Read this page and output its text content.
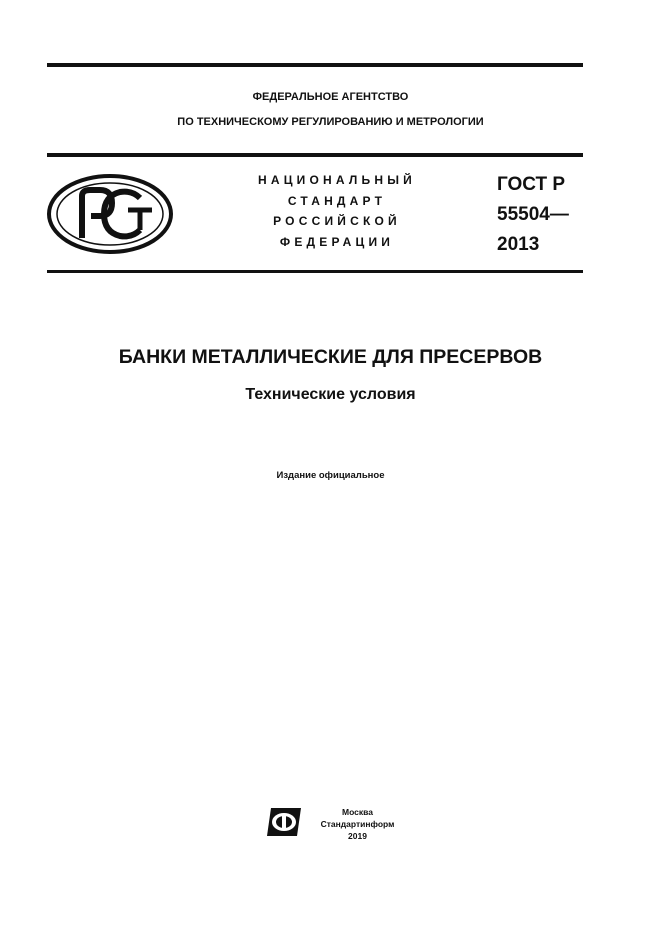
ФЕДЕРАЛЬНОЕ АГЕНТСТВО
ПО ТЕХНИЧЕСКОМУ РЕГУЛИРОВАНИЮ И МЕТРОЛОГИИ
НАЦИОНАЛЬНЫЙ
СТАНДАРТ
РОССИЙСКОЙ
ФЕДЕРАЦИИ
ГОСТ Р
55504—
2013
БАНКИ МЕТАЛЛИЧЕСКИЕ ДЛЯ ПРЕСЕРВОВ
Технические условия
Издание официальное
Москва
Стандартинформ
2019
